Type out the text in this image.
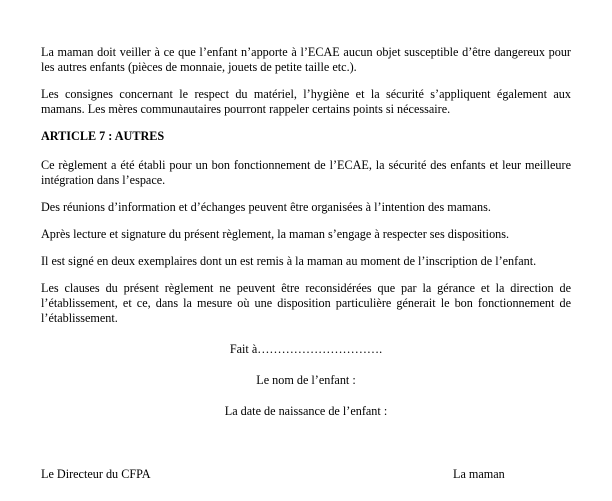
La maman doit veiller à ce que l’enfant n’apporte à l’ECAE aucun objet susceptible d’être dangereux pour les autres enfants (pièces de monnaie, jouets de petite taille etc.).

Les consignes concernant le respect du matériel, l’hygiène et la sécurité s’appliquent également aux mamans. Les mères communautaires pourront rappeler certains points si nécessaire.

ARTICLE 7 : AUTRES

Ce règlement a été établi pour un bon fonctionnement de l’ECAE, la sécurité des enfants et leur meilleure intégration dans l’espace.

Des réunions d’information et d’échanges peuvent être organisées à l’intention des mamans.

Après lecture et signature du présent règlement, la maman s’engage à respecter ses dispositions.

Il est signé en deux exemplaires dont un est remis à la maman au moment de l’inscription de l’enfant.

Les clauses du présent règlement ne peuvent être reconsidérées que par la gérance et la direction de l’établissement, et ce, dans la mesure où une disposition particulière génerait le bon fonctionnement de l’établissement.

Fait à………………………….

Le nom de l’enfant :

La date de naissance de l’enfant :

Le Directeur du CFPA	La maman
